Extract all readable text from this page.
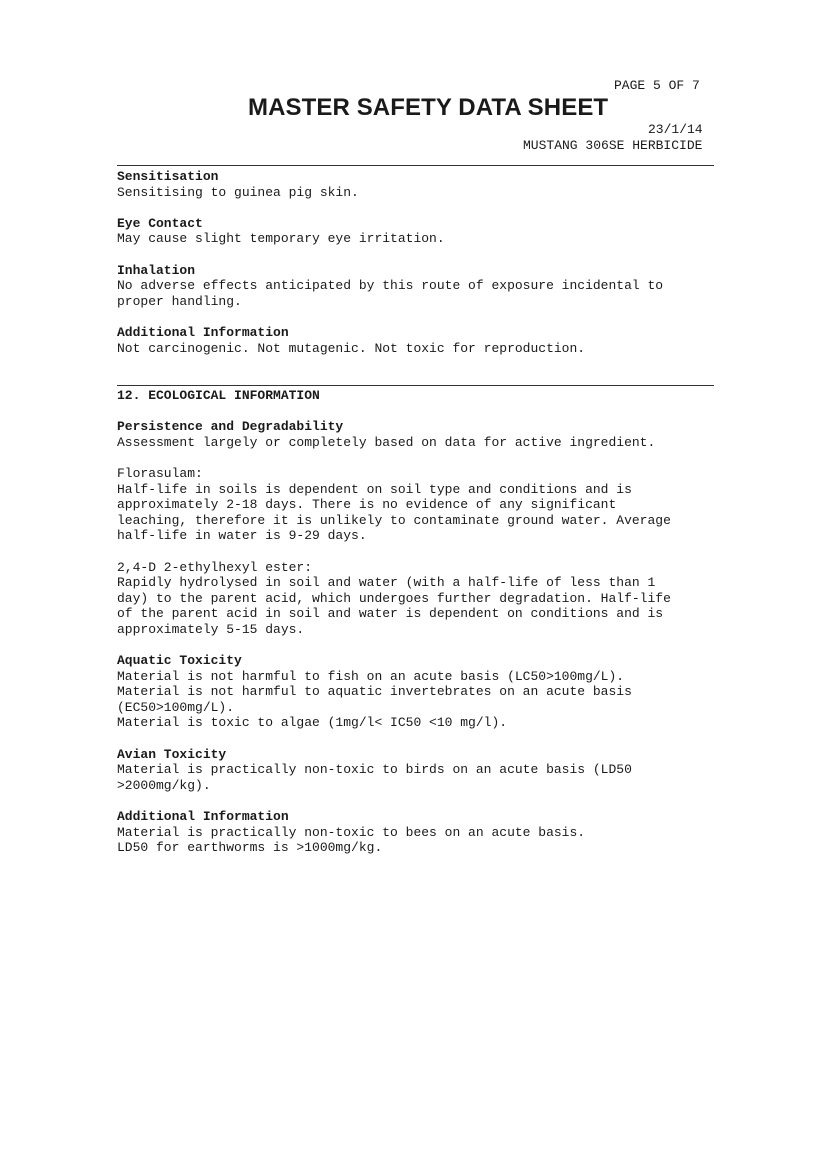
PAGE 5 OF 7
MASTER SAFETY DATA SHEET
23/1/14
MUSTANG 306SE HERBICIDE
Sensitisation
Sensitising to guinea pig skin.
Eye Contact
May cause slight temporary eye irritation.
Inhalation
No adverse effects anticipated by this route of exposure incidental to
proper handling.
Additional Information
Not carcinogenic. Not mutagenic. Not toxic for reproduction.
12. ECOLOGICAL INFORMATION
Persistence and Degradability
Assessment largely or completely based on data for active ingredient.
Florasulam:
Half-life in soils is dependent on soil type and conditions and is
approximately 2-18 days. There is no evidence of any significant
leaching, therefore it is unlikely to contaminate ground water. Average
half-life in water is 9-29 days.
2,4-D 2-ethylhexyl ester:
Rapidly hydrolysed in soil and water (with a half-life of less than 1
day) to the parent acid, which undergoes further degradation. Half-life
of the parent acid in soil and water is dependent on conditions and is
approximately 5-15 days.
Aquatic Toxicity
Material is not harmful to fish on an acute basis (LC50>100mg/L).
Material is not harmful to aquatic invertebrates on an acute basis
(EC50>100mg/L).
Material is toxic to algae (1mg/l< IC50 <10 mg/l).
Avian Toxicity
Material is practically non-toxic to birds on an acute basis (LD50
>2000mg/kg).
Additional Information
Material is practically non-toxic to bees on an acute basis.
LD50 for earthworms is >1000mg/kg.
